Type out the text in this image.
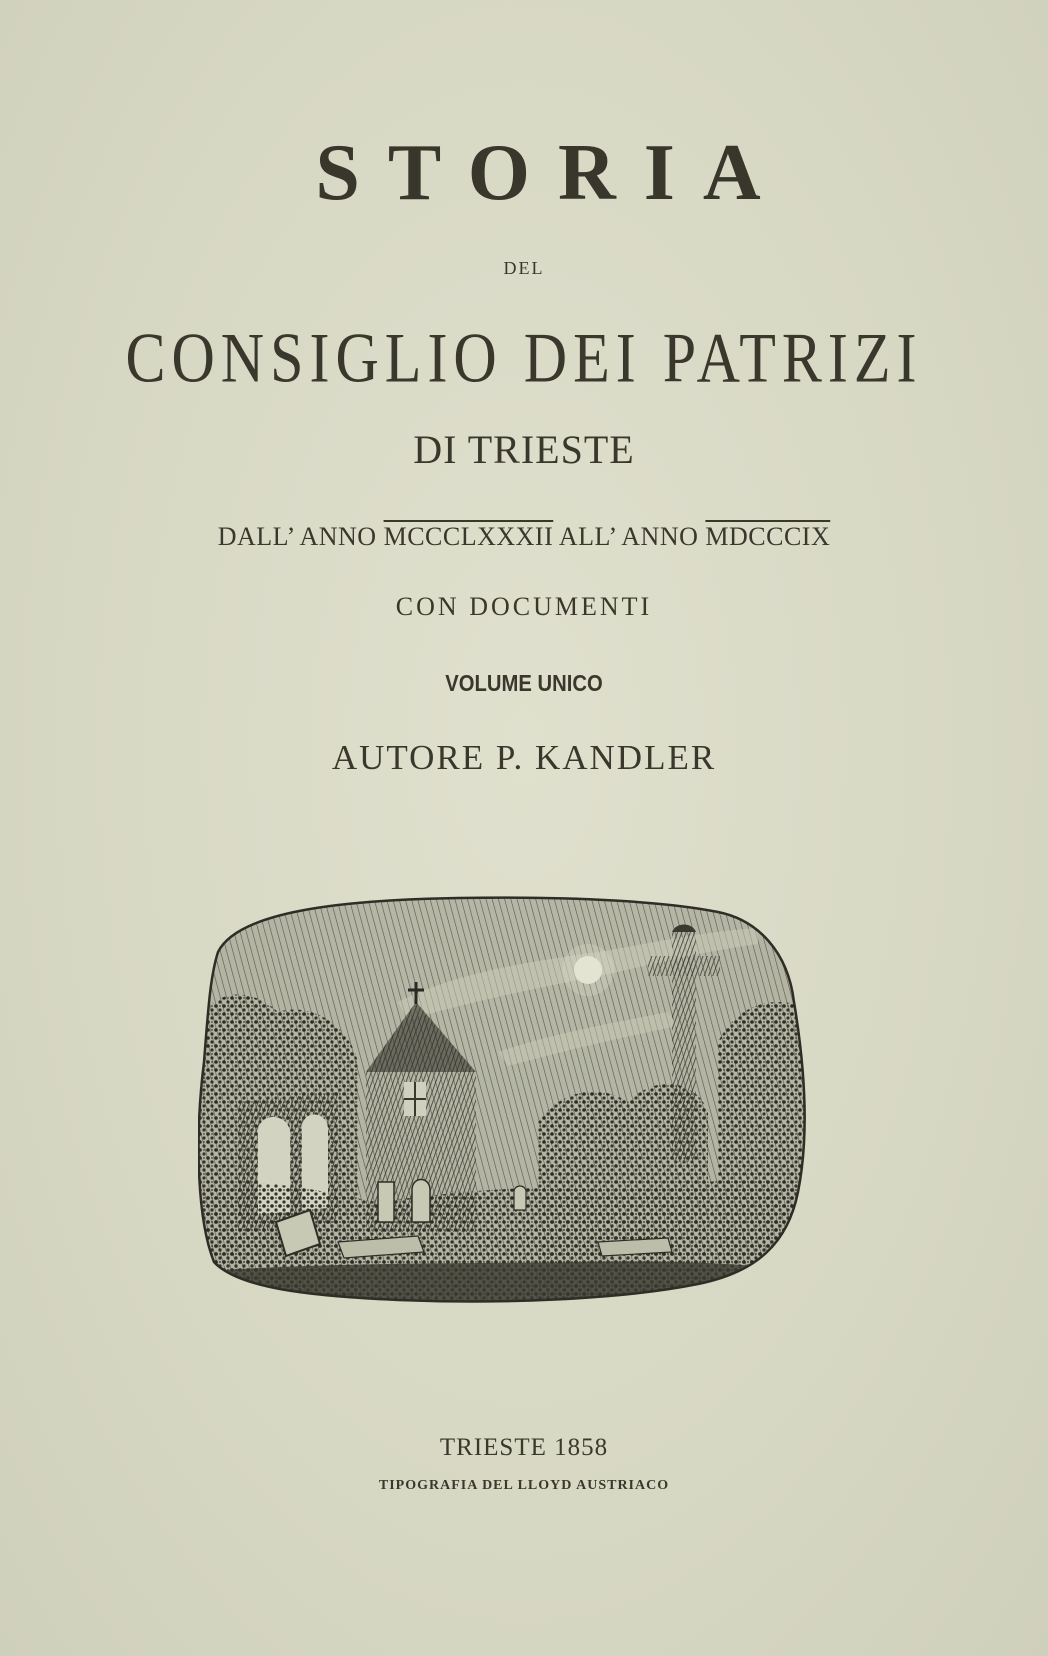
STORIA
DEL
CONSIGLIO DEI PATRIZI
DI TRIESTE
DALL’ ANNO MCCCLXXXII ALL’ ANNO MDCCCIX
CON DOCUMENTI
VOLUME UNICO
AUTORE P. KANDLER
TRIESTE 1858
TIPOGRAFIA DEL LLOYD AUSTRIACO
